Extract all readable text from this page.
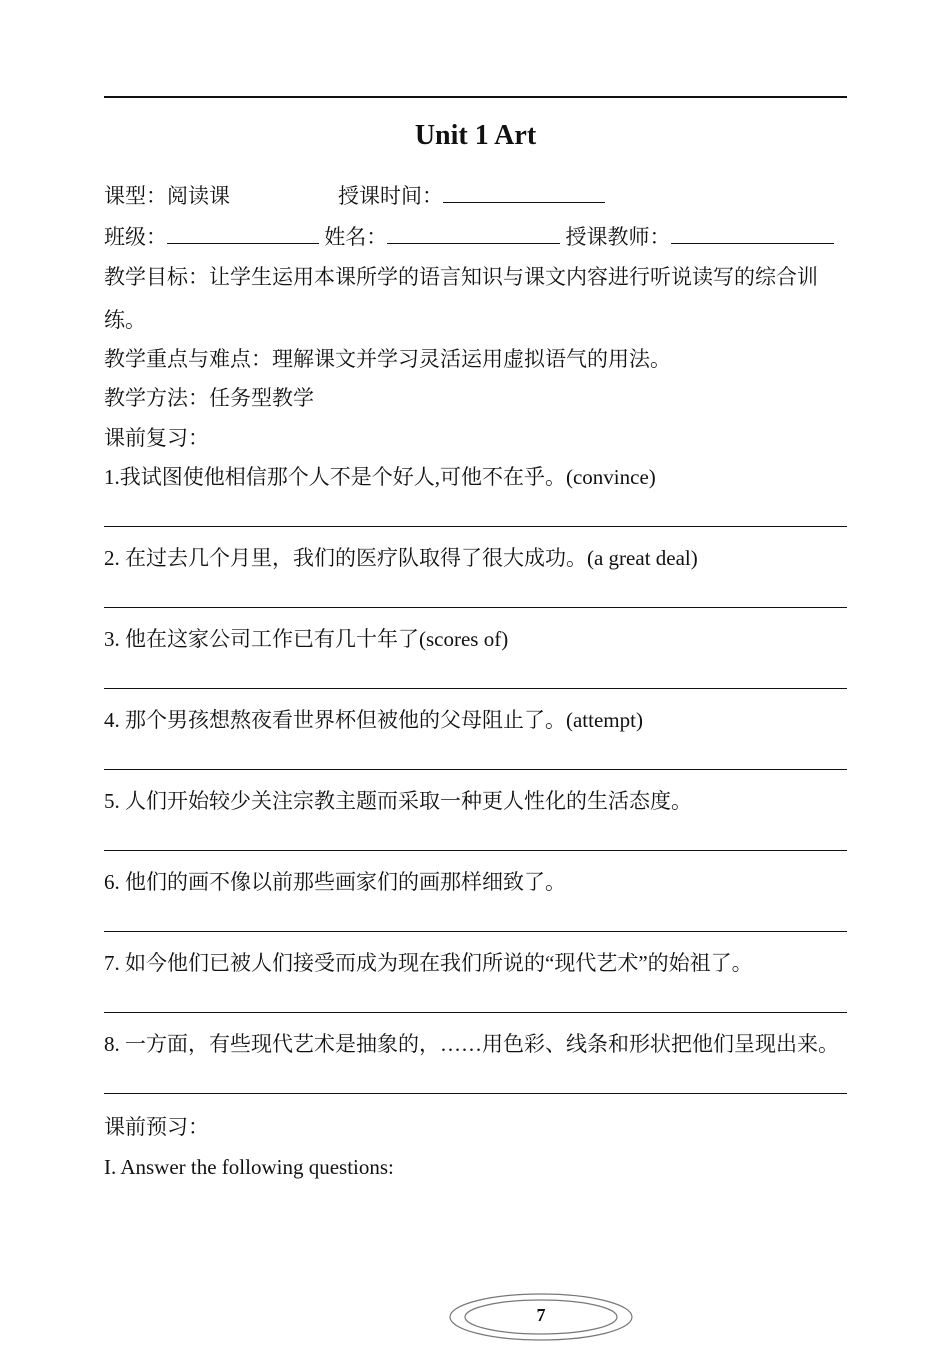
Unit 1 Art
课型：阅读课	授课时间：
班级：	姓名：	授课教师：
教学目标：让学生运用本课所学的语言知识与课文内容进行听说读写的综合训
练。
教学重点与难点：理解课文并学习灵活运用虚拟语气的用法。
教学方法：任务型教学
课前复习：
1.我试图使他相信那个人不是个好人,可他不在乎。(convince)
2. 在过去几个月里，我们的医疗队取得了很大成功。(a great deal)
3. 他在这家公司工作已有几十年了(scores of)
4. 那个男孩想熬夜看世界杯但被他的父母阻止了。(attempt)
5. 人们开始较少关注宗教主题而采取一种更人性化的生活态度。
6. 他们的画不像以前那些画家们的画那样细致了。
7. 如今他们已被人们接受而成为现在我们所说的“现代艺术”的始祖了。
8. 一方面，有些现代艺术是抽象的，……用色彩、线条和形状把他们呈现出来。
课前预习：
I. Answer the following questions:
7
